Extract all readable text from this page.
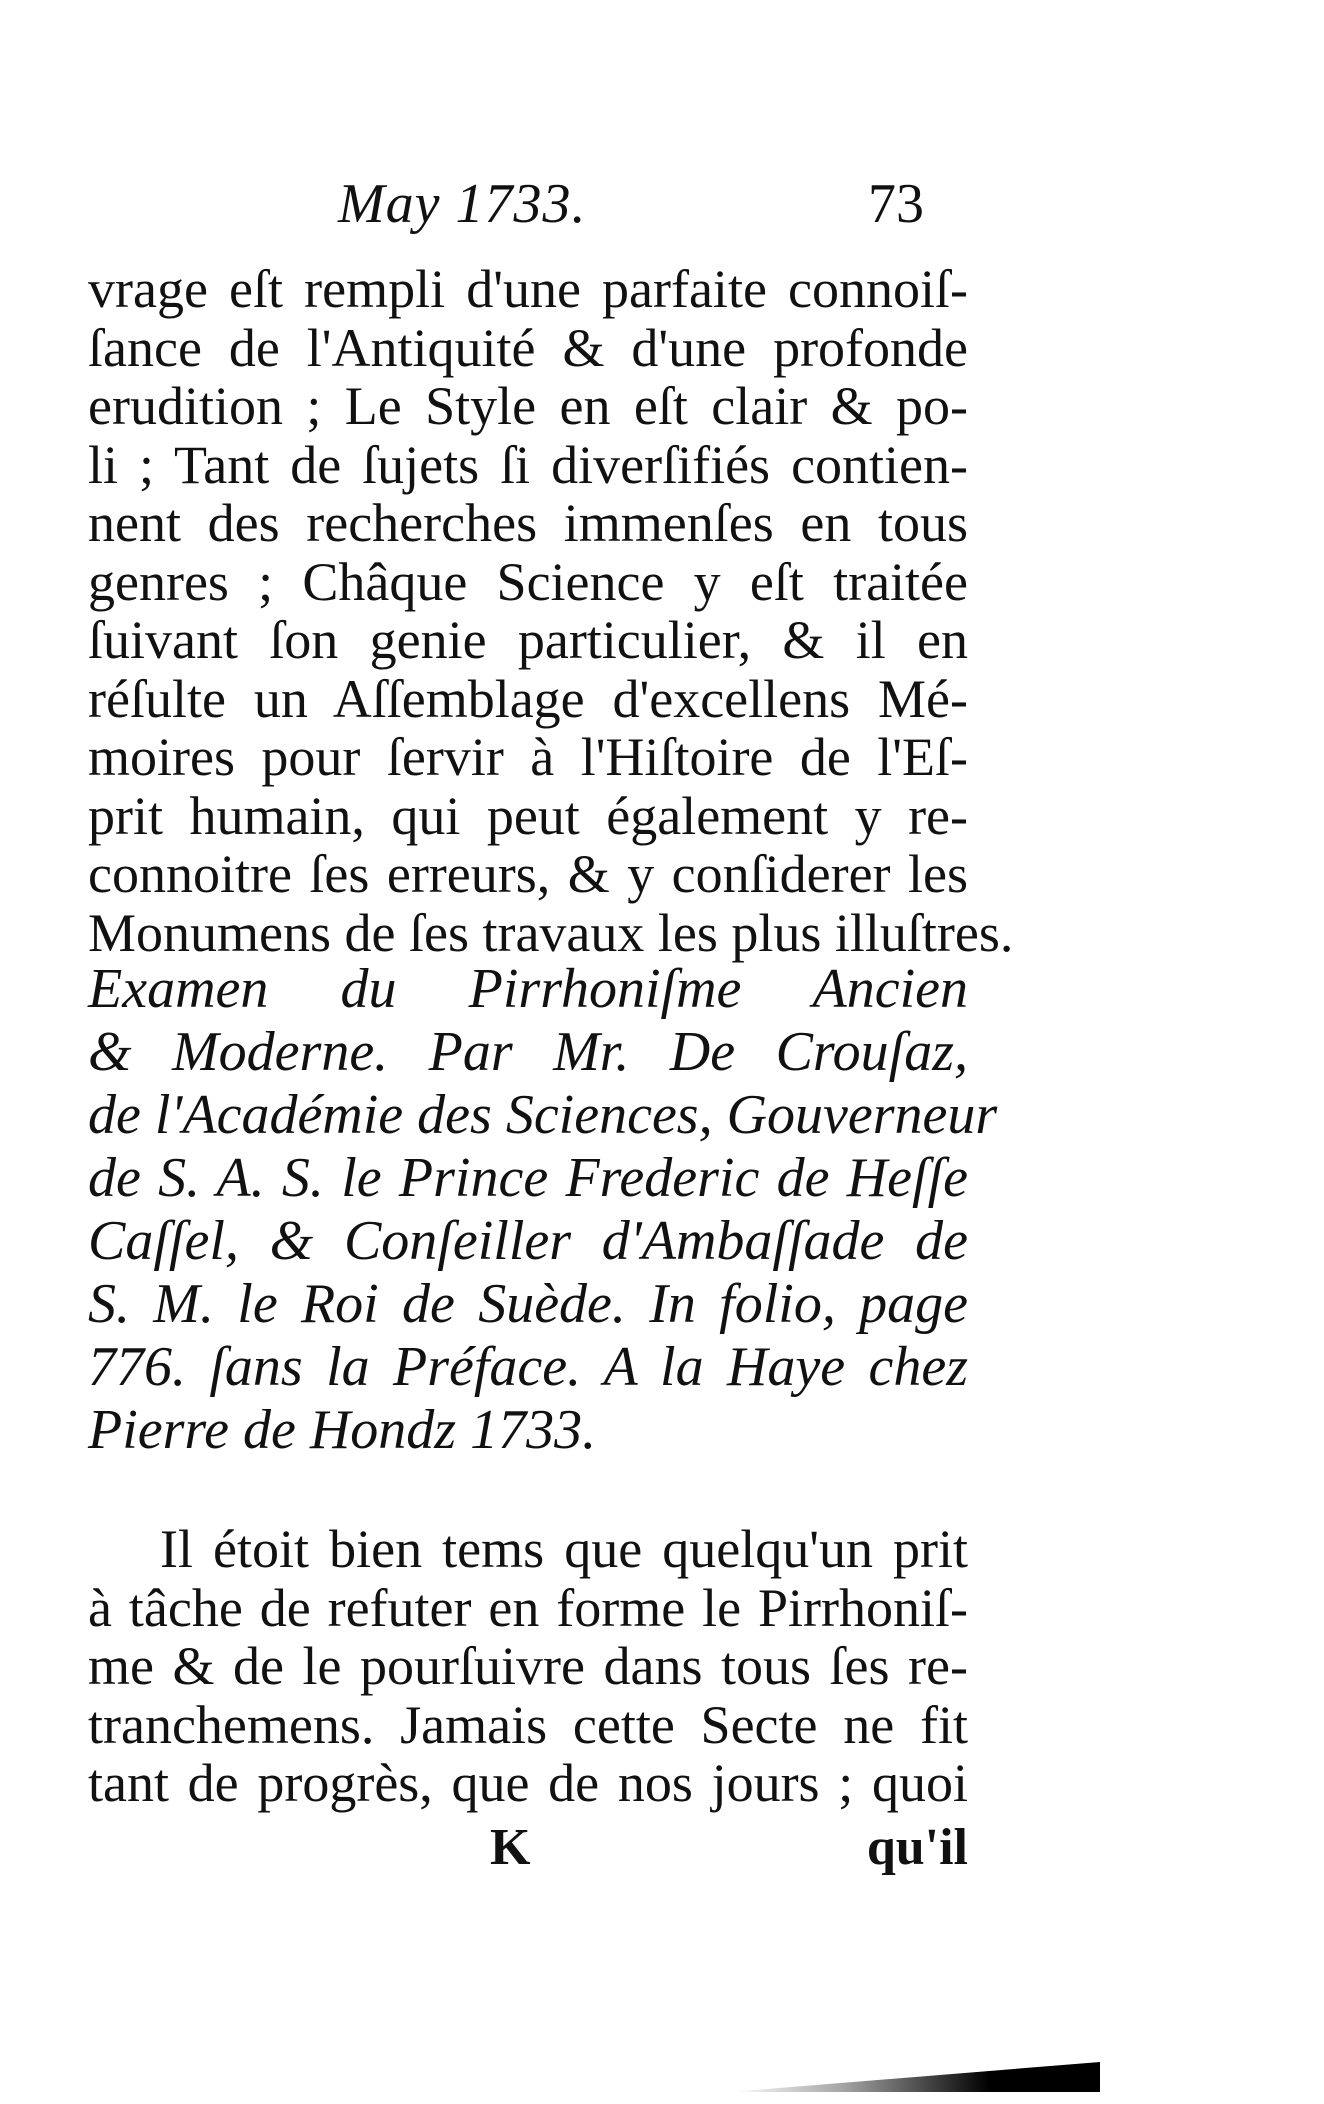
May 1733.	73
vrage eſt rempli d'une parfaite connoiſ-
ſance de l'Antiquité & d'une profonde
erudition ; Le Style en eſt clair & po-
li ; Tant de ſujets ſi diverſifiés contien-
nent des recherches immenſes en tous
genres ; Châque Science y eſt traitée
ſuivant ſon genie particulier, & il en
réſulte un Aſſemblage d'excellens Mé-
moires pour ſervir à l'Hiſtoire de l'Eſ-
prit humain, qui peut également y re-
connoitre ſes erreurs, & y conſiderer les
Monumens de ſes travaux les plus illuſtres.
Examen du Pirrhoniſme Ancien
& Moderne. Par Mr. De Crouſaz,
de l'Académie des Sciences, Gouverneur
de S. A. S. le Prince Frederic de Heſſe
Caſſel, & Conſeiller d'Ambaſſade de
S. M. le Roi de Suède. In folio, page
776. ſans la Préface. A la Haye chez
Pierre de Hondz 1733.
Il étoit bien tems que quelqu'un prit
à tâche de refuter en forme le Pirrhoniſ-
me & de le pourſuivre dans tous ſes re-
tranchemens. Jamais cette Secte ne fit
tant de progrès, que de nos jours ; quoi
K	qu'il
